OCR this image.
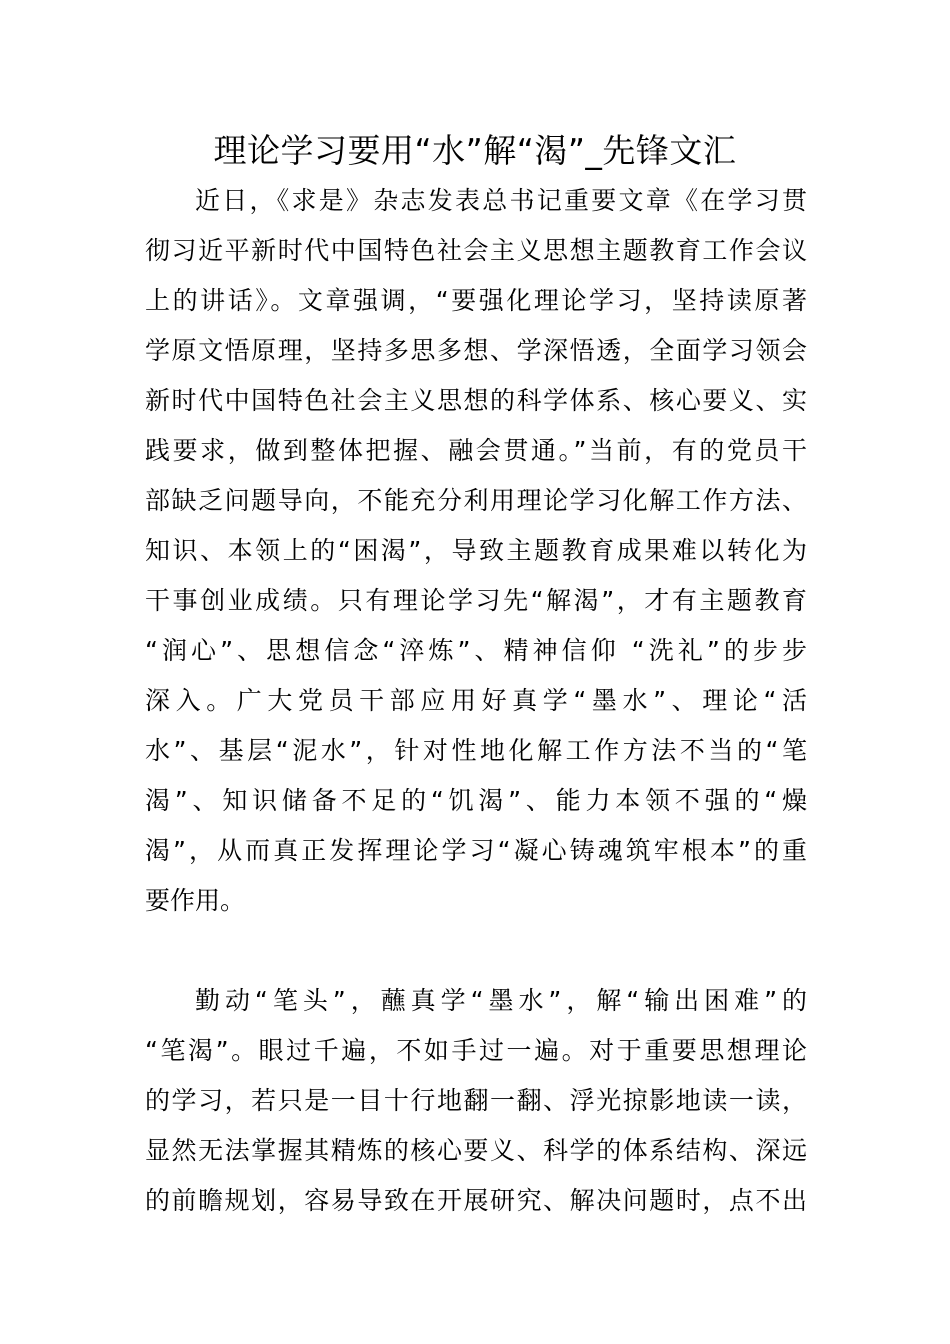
理论学习要用“水”解“渴”_先锋文汇

近日，《求是》杂志发表总书记重要文章《在学习贯
彻习近平新时代中国特色社会主义思想主题教育工作会议
上的讲话》。文章强调，“要强化理论学习，坚持读原著
学原文悟原理，坚持多思多想、学深悟透，全面学习领会
新时代中国特色社会主义思想的科学体系、核心要义、实
践要求，做到整体把握、融会贯通。”当前，有的党员干
部缺乏问题导向，不能充分利用理论学习化解工作方法、
知识、本领上的“困渴”，导致主题教育成果难以转化为
干事创业成绩。只有理论学习先“解渴”，才有主题教育
“润心”、思想信念“淬炼”、精神信仰 “洗礼”的步步
深入。广大党员干部应用好真学“墨水”、理论“活
水”、基层“泥水”，针对性地化解工作方法不当的“笔
渴”、知识储备不足的“饥渴”、能力本领不强的“燥
渴”，从而真正发挥理论学习“凝心铸魂筑牢根本”的重
要作用。

勤动“笔头”，蘸真学“墨水”，解“输出困难”的
“笔渴”。眼过千遍，不如手过一遍。对于重要思想理论
的学习，若只是一目十行地翻一翻、浮光掠影地读一读，
显然无法掌握其精炼的核心要义、科学的体系结构、深远
的前瞻规划，容易导致在开展研究、解决问题时，点不出
